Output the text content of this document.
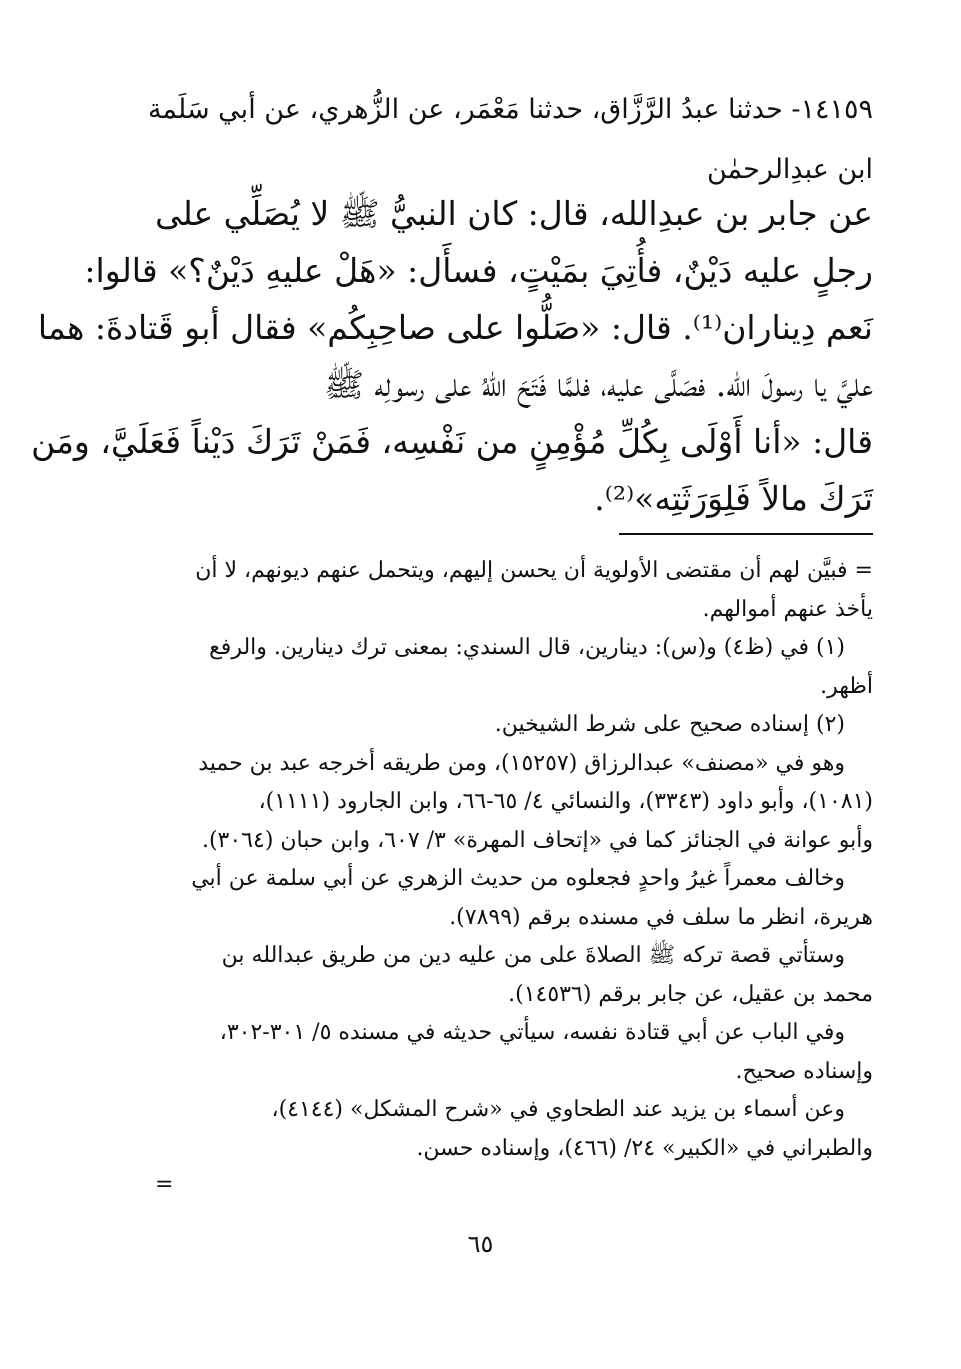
١٤١٥٩- حدثنا عبدُ الرَّزَّاق، حدثنا مَعْمَر، عن الزُّهري، عن أبي سَلَمة
ابن عبدِالرحمٰن
عن جابر بن عبدِالله، قال: كان النبيُّ ﷺ لا يُصَلِّي على
رجلٍ عليه دَيْنٌ، فأُتِيَ بمَيْتٍ، فسأَل: «هَلْ عليهِ دَيْنٌ؟» قالوا:
نَعم دِيناران⁽¹⁾. قال: «صَلُّوا على صاحِبِكُم» فقال أبو قَتادةَ: هما
عليَّ يا رسولَ الله. فصَلَّى عليه، فلمَّا فَتَحَ اللهُ على رسولِه ﷺ
قال: «أنا أَوْلَى بِكُلِّ مُؤْمِنٍ من نَفْسِه، فَمَنْ تَرَكَ دَيْناً فَعَلَيَّ، ومَن
تَرَكَ مالاً فَلِوَرَثَتِه»⁽²⁾.
= فبيَّن لهم أن مقتضى الأولوية أن يحسن إليهم، ويتحمل عنهم ديونهم، لا أن
يأخذ عنهم أموالهم.
(١) في (ظ٤) و(س): دينارين، قال السندي: بمعنى ترك دينارين. والرفع
أظهر.
(٢) إسناده صحيح على شرط الشيخين.
وهو في «مصنف» عبدالرزاق (١٥٢٥٧)، ومن طريقه أخرجه عبد بن حميد
(١٠٨١)، وأبو داود (٣٣٤٣)، والنسائي ٤/ ٦٥-٦٦، وابن الجارود (١١١١)،
وأبو عوانة في الجنائز كما في «إتحاف المهرة» ٣/ ٦٠٧، وابن حبان (٣٠٦٤).
وخالف معمراً غيرُ واحدٍ فجعلوه من حديث الزهري عن أبي سلمة عن أبي
هريرة، انظر ما سلف في مسنده برقم (٧٨٩٩).
وستأتي قصة تركه ﷺ الصلاةَ على من عليه دين من طريق عبدالله بن
محمد بن عقيل، عن جابر برقم (١٤٥٣٦).
وفي الباب عن أبي قتادة نفسه، سيأتي حديثه في مسنده ٥/ ٣٠١-٣٠٢،
وإسناده صحيح.
وعن أسماء بن يزيد عند الطحاوي في «شرح المشكل» (٤١٤٤)،
والطبراني في «الكبير» ٢٤/ (٤٦٦)، وإسناده حسن.
=
٦٥
